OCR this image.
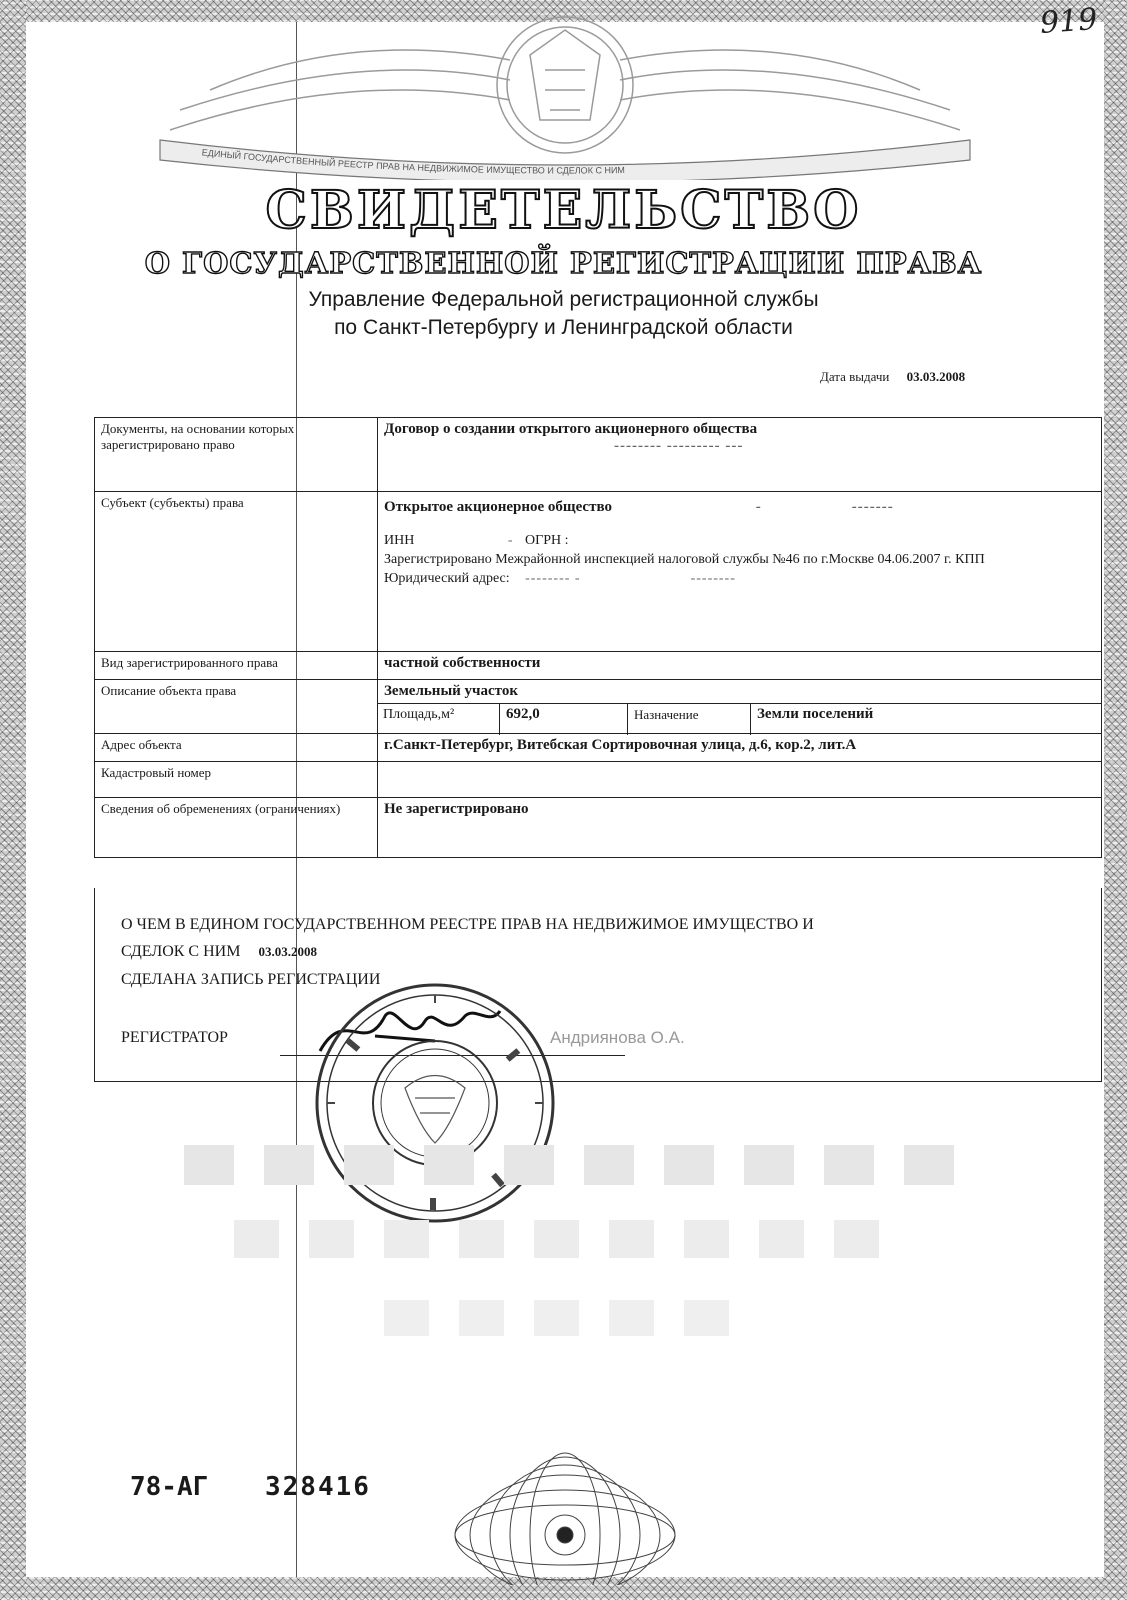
919
ЕДИНЫЙ ГОСУДАРСТВЕННЫЙ РЕЕСТР ПРАВ НА НЕДВИЖИМОЕ ИМУЩЕСТВО И СДЕЛОК С НИМ
СВИДЕТЕЛЬСТВО
О ГОСУДАРСТВЕННОЙ РЕГИСТРАЦИИ ПРАВА
Управление Федеральной регистрационной службы
по Санкт-Петербургу и Ленинградской области
Дата выдачи 03.03.2008
Документы, на основании которых зарегистрировано право	Договор о создании открытого акционерного общества
-------- --------- ---
Субъект (субъекты) права	Открытое акционерное общество	-	-------
ИНН	- ОГРН :
Зарегистрировано Межрайонной инспекцией налоговой службы №46 по г.Москве 04.06.2007 г. КПП
Юридический адрес: -------- -	--------

Вид зарегистрированного права	частной собственности
Описание объекта права	Земельный участок
Площадь,м²	692,0	Назначение	Земли поселений

Адрес объекта	г.Санкт-Петербург, Витебская Сортировочная улица, д.6, кор.2, лит.А
Кадастровый номер	
Сведения об обременениях (ограничениях)	Не зарегистрировано
О ЧЕМ В ЕДИНОМ ГОСУДАРСТВЕННОМ РЕЕСТРЕ ПРАВ НА НЕДВИЖИМОЕ ИМУЩЕСТВО И
СДЕЛОК С НИМ 03.03.2008
СДЕЛАНА ЗАПИСЬ РЕГИСТРАЦИИ
РЕГИСТРАТОР	Андриянова О.А.
78-АГ 328416
